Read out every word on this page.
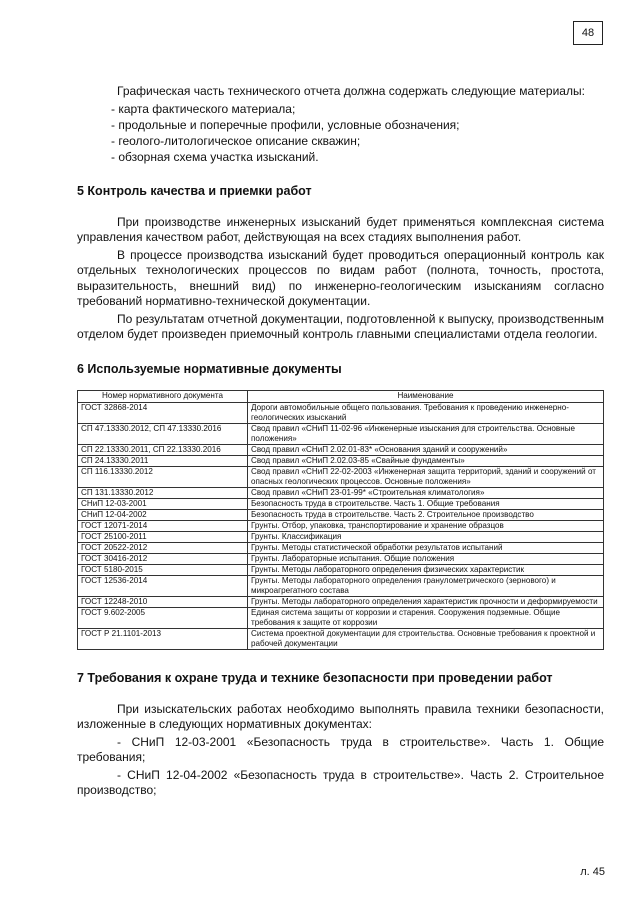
48

Графическая часть технического отчета должна содержать следующие материалы:

- карта фактического материала;
- продольные и поперечные профили, условные обозначения;
- геолого-литологическое описание скважин;
- обзорная схема участка изысканий.
5 Контроль качества и приемки работ

При производстве инженерных изысканий будет применяться комплексная система управления качеством работ, действующая на всех стадиях выполнения работ.

В процессе производства изысканий будет проводиться операционный контроль как отдельных технологических процессов по видам работ (полнота, точность, простота, выразительность, внешний вид) по инженерно-геологическим изысканиям согласно требований нормативно-технической документации.

По результатам отчетной документации, подготовленной к выпуску, производственным отделом будет произведен приемочный контроль главными специалистами отдела геологии.

6 Используемые нормативные документы
Номер нормативного документа	Наименование
ГОСТ 32868-2014	Дороги автомобильные общего пользования. Требования к проведению инженерно-геологических изысканий
СП 47.13330.2012, СП 47.13330.2016	Свод правил «СНиП 11-02-96 «Инженерные изыскания для строительства. Основные положения»
СП 22.13330.2011, СП 22.13330.2016	Свод правил «СНиП 2.02.01-83* «Основания зданий и сооружений»
СП 24.13330.2011	Свод правил «СНиП 2.02.03-85 «Свайные фундаменты»
СП 116.13330.2012	Свод правил «СНиП 22-02-2003 «Инженерная защита территорий, зданий и сооружений от опасных геологических процессов. Основные положения»
СП 131.13330.2012	Свод правил «СНиП 23-01-99* «Строительная климатология»
СНиП 12-03-2001	Безопасность труда в строительстве. Часть 1. Общие требования
СНиП 12-04-2002	Безопасность труда в строительстве. Часть 2. Строительное производство
ГОСТ 12071-2014	Грунты. Отбор, упаковка, транспортирование и хранение образцов
ГОСТ 25100-2011	Грунты. Классификация
ГОСТ 20522-2012	Грунты. Методы статистической обработки результатов испытаний
ГОСТ 30416-2012	Грунты. Лабораторные испытания. Общие положения
ГОСТ 5180-2015	Грунты. Методы лабораторного определения физических характеристик
ГОСТ 12536-2014	Грунты. Методы лабораторного определения гранулометрического (зернового) и микроагрегатного состава
ГОСТ 12248-2010	Грунты. Методы лабораторного определения характеристик прочности и деформируемости
ГОСТ 9.602-2005	Единая система защиты от коррозии и старения. Сооружения подземные. Общие требования к защите от коррозии
ГОСТ Р 21.1101-2013	Система проектной документации для строительства. Основные требования к проектной и рабочей документации
7 Требования к охране труда и технике безопасности при проведении работ

При изыскательских работах необходимо выполнять правила техники безопасности, изложенные в следующих нормативных документах:

- СНиП 12-03-2001 «Безопасность труда в строительстве». Часть 1. Общие требования;

- СНиП 12-04-2002 «Безопасность труда в строительстве». Часть 2. Строительное производство;

л. 45
